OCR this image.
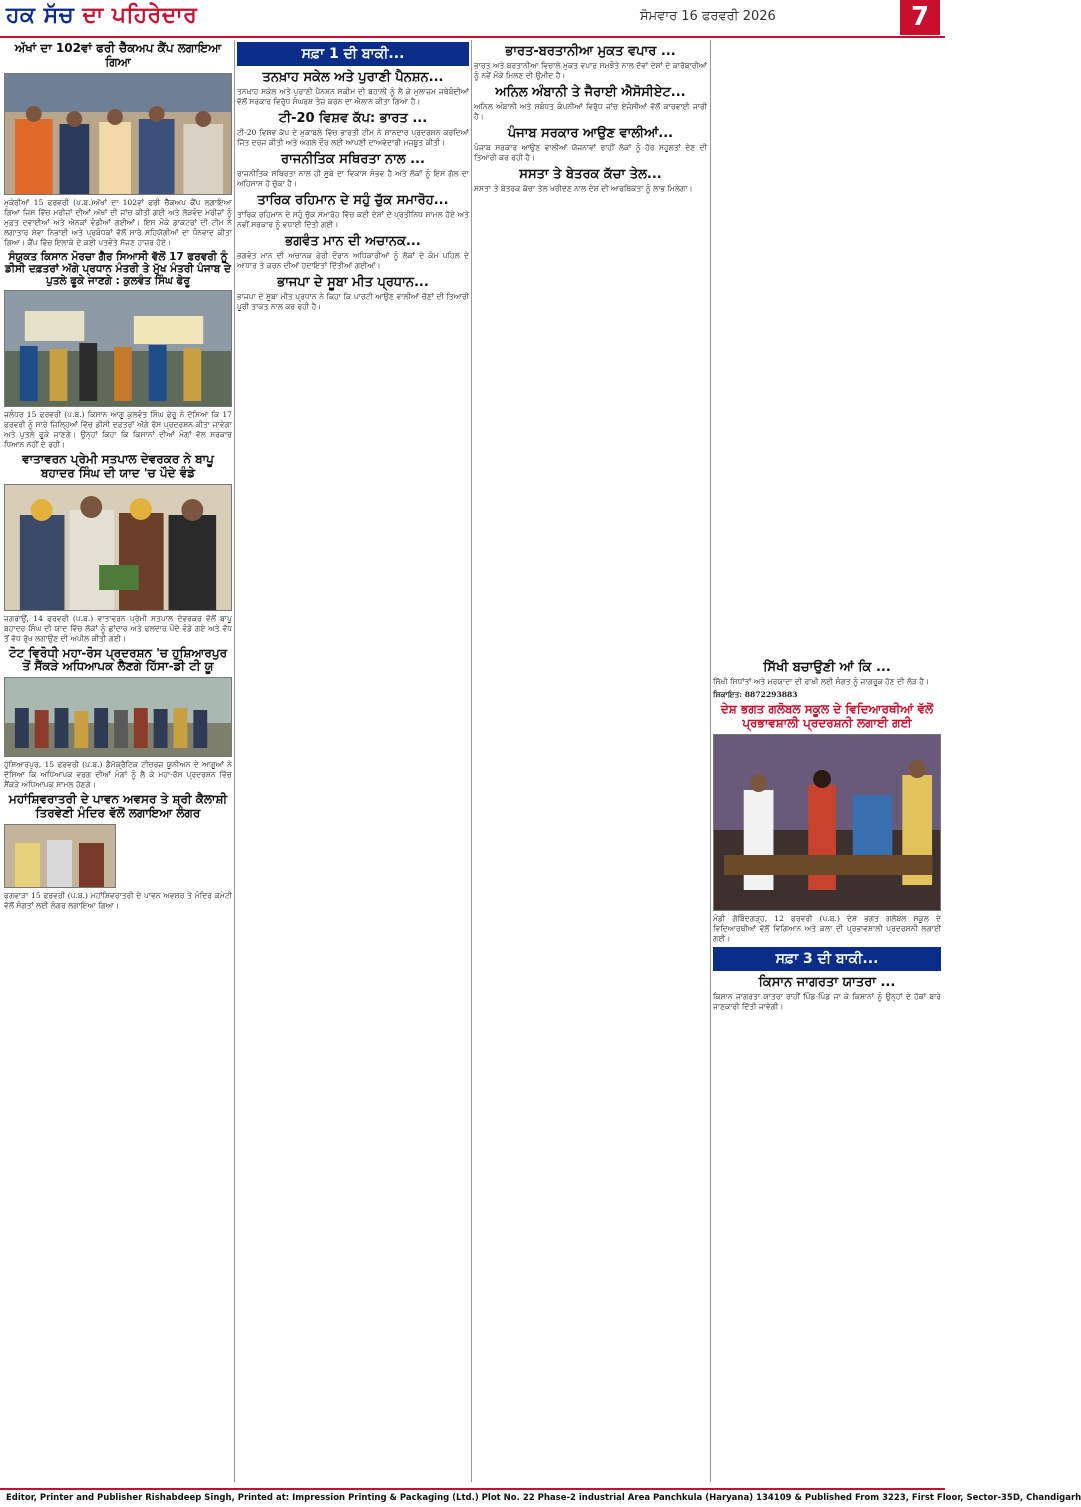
ਹਕ ਸੱਚ ਦਾ ਪਹਿਰੇਦਾਰ	ਸੋਮਵਾਰ 16 ਫਰਵਰੀ 2026	7
ਅੱਖਾਂ ਦਾ 102ਵਾਂ ਫਰੀ ਚੈੱਕਅਪ ਕੈਂਪ ਲਗਾਇਆ ਗਿਆ

ਮੁਕੇਰੀਆਂ 15 ਫਰਵਰੀ (ਪ.ਬ.)ਅੱਖਾਂ ਦਾ 102ਵਾਂ ਫਰੀ ਚੈੱਕਅਪ ਕੈਂਪ ਲਗਾਇਆ ਗਿਆ ਜਿਸ ਵਿੱਚ ਮਰੀਜ਼ਾਂ ਦੀਆਂ ਅੱਖਾਂ ਦੀ ਜਾਂਚ ਕੀਤੀ ਗਈ ਅਤੇ ਲੋੜਵੰਦ ਮਰੀਜ਼ਾਂ ਨੂੰ ਮੁਫ਼ਤ ਦਵਾਈਆਂ ਅਤੇ ਐਨਕਾਂ ਵੰਡੀਆਂ ਗਈਆਂ। ਇਸ ਮੌਕੇ ਡਾਕਟਰਾਂ ਦੀ ਟੀਮ ਨੇ ਲਗਾਤਾਰ ਸੇਵਾ ਨਿਭਾਈ ਅਤੇ ਪ੍ਰਬੰਧਕਾਂ ਵੱਲੋਂ ਸਾਰੇ ਸਹਿਯੋਗੀਆਂ ਦਾ ਧੰਨਵਾਦ ਕੀਤਾ ਗਿਆ। ਕੈਂਪ ਵਿੱਚ ਇਲਾਕੇ ਦੇ ਕਈ ਪਤਵੰਤੇ ਸੱਜਣ ਹਾਜ਼ਰ ਹੋਏ।

ਸੰਯੁਕਤ ਕਿਸਾਨ ਮੋਰਚਾ ਗੈਰ ਸਿਆਸੀ ਵੱਲੋਂ 17 ਫਰਵਰੀ ਨੂੰ ਡੀਸੀ ਦਫ਼ਤਰਾਂ ਅੱਗੇ ਪ੍ਰਧਾਨ ਮੰਤਰੀ ਤੇ ਮੁੱਖ ਮੰਤਰੀ ਪੰਜਾਬ ਦੇ ਪੁਤਲੇ ਫੂਕੇ ਜਾਣਗੇ : ਕੁਲਵੰਤ ਸਿੰਘ ਫੇਰੂ

ਜਲੰਧਰ 15 ਫਰਵਰੀ (ਪ.ਬ.) ਕਿਸਾਨ ਆਗੂ ਕੁਲਵੰਤ ਸਿੰਘ ਫੇਰੂ ਨੇ ਦੱਸਿਆ ਕਿ 17 ਫਰਵਰੀ ਨੂੰ ਸਾਰੇ ਜ਼ਿਲ੍ਹਿਆਂ ਵਿੱਚ ਡੀਸੀ ਦਫ਼ਤਰਾਂ ਅੱਗੇ ਰੋਸ ਪ੍ਰਦਰਸ਼ਨ ਕੀਤਾ ਜਾਵੇਗਾ ਅਤੇ ਪੁਤਲੇ ਫੂਕੇ ਜਾਣਗੇ। ਉਨ੍ਹਾਂ ਕਿਹਾ ਕਿ ਕਿਸਾਨਾਂ ਦੀਆਂ ਮੰਗਾਂ ਵੱਲ ਸਰਕਾਰ ਧਿਆਨ ਨਹੀਂ ਦੇ ਰਹੀ।

ਵਾਤਾਵਰਨ ਪ੍ਰੇਮੀ ਸਤਪਾਲ ਦੇਵਰਕਰ ਨੇ ਬਾਪੂ ਬਹਾਦਰ ਸਿੰਘ ਦੀ ਯਾਦ 'ਚ ਪੌਦੇ ਵੰਡੇ

ਜਗਰਾਉਂ, 14 ਫਰਵਰੀ (ਪ.ਬ.) ਵਾਤਾਵਰਨ ਪ੍ਰੇਮੀ ਸਤਪਾਲ ਦੇਵਰਕਰ ਵੱਲੋਂ ਬਾਪੂ ਬਹਾਦਰ ਸਿੰਘ ਦੀ ਯਾਦ ਵਿੱਚ ਲੋਕਾਂ ਨੂੰ ਛਾਂਦਾਰ ਅਤੇ ਫਲਦਾਰ ਪੌਦੇ ਵੰਡੇ ਗਏ ਅਤੇ ਵੱਧ ਤੋਂ ਵੱਧ ਰੁੱਖ ਲਗਾਉਣ ਦੀ ਅਪੀਲ ਕੀਤੀ ਗਈ।

ਟੋਟ ਵਿਰੋਧੀ ਮਹਾ-ਰੋਸ ਪ੍ਰਦਰਸ਼ਨ 'ਚ ਹੁਸ਼ਿਆਰਪੁਰ ਤੋਂ ਸੈਂਕੜੇ ਅਧਿਆਪਕ ਲੈਣਗੇ ਹਿੱਸਾ-ਡੀ ਟੀ ਯੂ

ਹੁਸ਼ਿਆਰਪੁਰ, 15 ਫਰਵਰੀ (ਪ.ਬ.) ਡੈਮੋਕ੍ਰੈਟਿਕ ਟੀਚਰਜ਼ ਯੂਨੀਅਨ ਦੇ ਆਗੂਆਂ ਨੇ ਦੱਸਿਆ ਕਿ ਅਧਿਆਪਕ ਵਰਗ ਦੀਆਂ ਮੰਗਾਂ ਨੂੰ ਲੈ ਕੇ ਮਹਾ-ਰੋਸ ਪ੍ਰਦਰਸ਼ਨ ਵਿੱਚ ਸੈਂਕੜੇ ਅਧਿਆਪਕ ਸ਼ਾਮਲ ਹੋਣਗੇ।

ਮਹਾਂਸ਼ਿਵਰਾਤਰੀ ਦੇ ਪਾਵਨ ਅਵਸਰ ਤੇ ਸ਼੍ਰੀ ਕੈਲਾਸ਼ੀ ਤਿਰਵੇਣੀ ਮੰਦਿਰ ਵੱਲੋਂ ਲਗਾਇਆ ਲੰਗਰ

ਫਗਵਾੜਾ 15 ਫਰਵਰੀ (ਪ.ਬ.) ਮਹਾਂਸ਼ਿਵਰਾਤਰੀ ਦੇ ਪਾਵਨ ਅਵਸਰ ਤੇ ਮੰਦਿਰ ਕਮੇਟੀ ਵੱਲੋਂ ਸੰਗਤਾਂ ਲਈ ਲੰਗਰ ਲਗਾਇਆ ਗਿਆ।

ਸਫ਼ਾ 1 ਦੀ ਬਾਕੀ...
ਤਨਖ਼ਾਹ ਸਕੇਲ ਅਤੇ ਪੁਰਾਣੀ ਪੈਨਸ਼ਨ...

ਤਨਖ਼ਾਹ ਸਕੇਲ ਅਤੇ ਪੁਰਾਣੀ ਪੈਨਸ਼ਨ ਸਕੀਮ ਦੀ ਬਹਾਲੀ ਨੂੰ ਲੈ ਕੇ ਮੁਲਾਜ਼ਮ ਜਥੇਬੰਦੀਆਂ ਵੱਲੋਂ ਸਰਕਾਰ ਵਿਰੁੱਧ ਸੰਘਰਸ਼ ਤੇਜ਼ ਕਰਨ ਦਾ ਐਲਾਨ ਕੀਤਾ ਗਿਆ ਹੈ।

ਟੀ-20 ਵਿਸ਼ਵ ਕੱਪ: ਭਾਰਤ ...

ਟੀ-20 ਵਿਸ਼ਵ ਕੱਪ ਦੇ ਮੁਕਾਬਲੇ ਵਿੱਚ ਭਾਰਤੀ ਟੀਮ ਨੇ ਸ਼ਾਨਦਾਰ ਪ੍ਰਦਰਸ਼ਨ ਕਰਦਿਆਂ ਜਿੱਤ ਦਰਜ ਕੀਤੀ ਅਤੇ ਅਗਲੇ ਦੌਰ ਲਈ ਆਪਣੀ ਦਾਅਵੇਦਾਰੀ ਮਜ਼ਬੂਤ ਕੀਤੀ।

ਰਾਜਨੀਤਿਕ ਸਥਿਰਤਾ ਨਾਲ ...

ਰਾਜਨੀਤਿਕ ਸਥਿਰਤਾ ਨਾਲ ਹੀ ਸੂਬੇ ਦਾ ਵਿਕਾਸ ਸੰਭਵ ਹੈ ਅਤੇ ਲੋਕਾਂ ਨੂੰ ਇਸ ਗੱਲ ਦਾ ਅਹਿਸਾਸ ਹੋ ਚੁੱਕਾ ਹੈ।

ਤਾਰਿਕ ਰਹਿਮਾਨ ਦੇ ਸਹੁੰ ਚੁੱਕ ਸਮਾਰੋਹ...

ਤਾਰਿਕ ਰਹਿਮਾਨ ਦੇ ਸਹੁੰ ਚੁੱਕ ਸਮਾਰੋਹ ਵਿੱਚ ਕਈ ਦੇਸ਼ਾਂ ਦੇ ਪ੍ਰਤੀਨਿਧ ਸ਼ਾਮਲ ਹੋਏ ਅਤੇ ਨਵੀਂ ਸਰਕਾਰ ਨੂੰ ਵਧਾਈ ਦਿੱਤੀ ਗਈ।

ਭਗਵੰਤ ਮਾਨ ਦੀ ਅਚਾਨਕ...

ਭਗਵੰਤ ਮਾਨ ਦੀ ਅਚਾਨਕ ਫੇਰੀ ਦੌਰਾਨ ਅਧਿਕਾਰੀਆਂ ਨੂੰ ਲੋਕਾਂ ਦੇ ਕੰਮ ਪਹਿਲ ਦੇ ਆਧਾਰ ਤੇ ਕਰਨ ਦੀਆਂ ਹਦਾਇਤਾਂ ਦਿੱਤੀਆਂ ਗਈਆਂ।

ਭਾਜਪਾ ਦੇ ਸੂਬਾ ਮੀਤ ਪ੍ਰਧਾਨ...

ਭਾਜਪਾ ਦੇ ਸੂਬਾ ਮੀਤ ਪ੍ਰਧਾਨ ਨੇ ਕਿਹਾ ਕਿ ਪਾਰਟੀ ਆਉਣ ਵਾਲੀਆਂ ਚੋਣਾਂ ਦੀ ਤਿਆਰੀ ਪੂਰੀ ਤਾਕਤ ਨਾਲ ਕਰ ਰਹੀ ਹੈ।

ਭਾਰਤ-ਬਰਤਾਨੀਆ ਮੁਕਤ ਵਪਾਰ ...

ਭਾਰਤ ਅਤੇ ਬਰਤਾਨੀਆ ਵਿਚਾਲੇ ਮੁਕਤ ਵਪਾਰ ਸਮਝੌਤੇ ਨਾਲ ਦੋਵਾਂ ਦੇਸ਼ਾਂ ਦੇ ਕਾਰੋਬਾਰੀਆਂ ਨੂੰ ਨਵੇਂ ਮੌਕੇ ਮਿਲਣ ਦੀ ਉਮੀਦ ਹੈ।

ਅਨਿਲ ਅੰਬਾਨੀ ਤੇ ਜੈਰਾਈ ਐਸੋਸੀਏਟ...

ਅਨਿਲ ਅੰਬਾਨੀ ਅਤੇ ਸਬੰਧਤ ਕੰਪਨੀਆਂ ਵਿਰੁੱਧ ਜਾਂਚ ਏਜੰਸੀਆਂ ਵੱਲੋਂ ਕਾਰਵਾਈ ਜਾਰੀ ਹੈ।

ਪੰਜਾਬ ਸਰਕਾਰ ਆਉਣ ਵਾਲੀਆਂ...

ਪੰਜਾਬ ਸਰਕਾਰ ਆਉਣ ਵਾਲੀਆਂ ਯੋਜਨਾਵਾਂ ਰਾਹੀਂ ਲੋਕਾਂ ਨੂੰ ਹੋਰ ਸਹੂਲਤਾਂ ਦੇਣ ਦੀ ਤਿਆਰੀ ਕਰ ਰਹੀ ਹੈ।

ਸਸਤਾ ਤੇ ਬੇਤਰਕ ਕੱਚਾ ਤੇਲ...

ਸਸਤਾ ਤੇ ਬੇਤਰਕ ਕੱਚਾ ਤੇਲ ਖਰੀਦਣ ਨਾਲ ਦੇਸ਼ ਦੀ ਆਰਥਿਕਤਾ ਨੂੰ ਲਾਭ ਮਿਲੇਗਾ।

ਸਿੱਖੀ ਬਚਾਉਣੀ ਆਂ ਕਿ ...

ਸਿੱਖੀ ਸਿਧਾਂਤਾਂ ਅਤੇ ਮਰਯਾਦਾ ਦੀ ਰਾਖੀ ਲਈ ਸੰਗਤ ਨੂੰ ਜਾਗਰੂਕ ਹੋਣ ਦੀ ਲੋੜ ਹੈ।

ਸ਼ਿਕਾਇਤ: 8872293883

ਦੇਸ਼ ਭਗਤ ਗਲੋਬਲ ਸਕੂਲ ਦੇ ਵਿਦਿਆਰਥੀਆਂ ਵੱਲੋਂ ਪ੍ਰਭਾਵਸ਼ਾਲੀ ਪ੍ਰਦਰਸ਼ਨੀ ਲਗਾਈ ਗਈ

ਮੰਡੀ ਗੋਬਿੰਦਗੜ੍ਹ, 12 ਫਰਵਰੀ (ਪ.ਬ.) ਦੇਸ਼ ਭਗਤ ਗਲੋਬਲ ਸਕੂਲ ਦੇ ਵਿਦਿਆਰਥੀਆਂ ਵੱਲੋਂ ਵਿਗਿਆਨ ਅਤੇ ਕਲਾ ਦੀ ਪ੍ਰਭਾਵਸ਼ਾਲੀ ਪ੍ਰਦਰਸ਼ਨੀ ਲਗਾਈ ਗਈ।

ਸਫ਼ਾ 3 ਦੀ ਬਾਕੀ...
ਕਿਸਾਨ ਜਾਗਰਤਾ ਯਾਤਰਾ ...

ਕਿਸਾਨ ਜਾਗਰਤਾ ਯਾਤਰਾ ਰਾਹੀਂ ਪਿੰਡ-ਪਿੰਡ ਜਾ ਕੇ ਕਿਸਾਨਾਂ ਨੂੰ ਉਨ੍ਹਾਂ ਦੇ ਹੱਕਾਂ ਬਾਰੇ ਜਾਣਕਾਰੀ ਦਿੱਤੀ ਜਾਵੇਗੀ।

Editor, Printer and Publisher Rishabdeep Singh, Printed at: Impression Printing & Packaging (Ltd.) Plot No. 22 Phase-2 industrial Area Panchkula (Haryana) 134109 & Published From 3223, First Floor, Sector-35D, Chandigarh
